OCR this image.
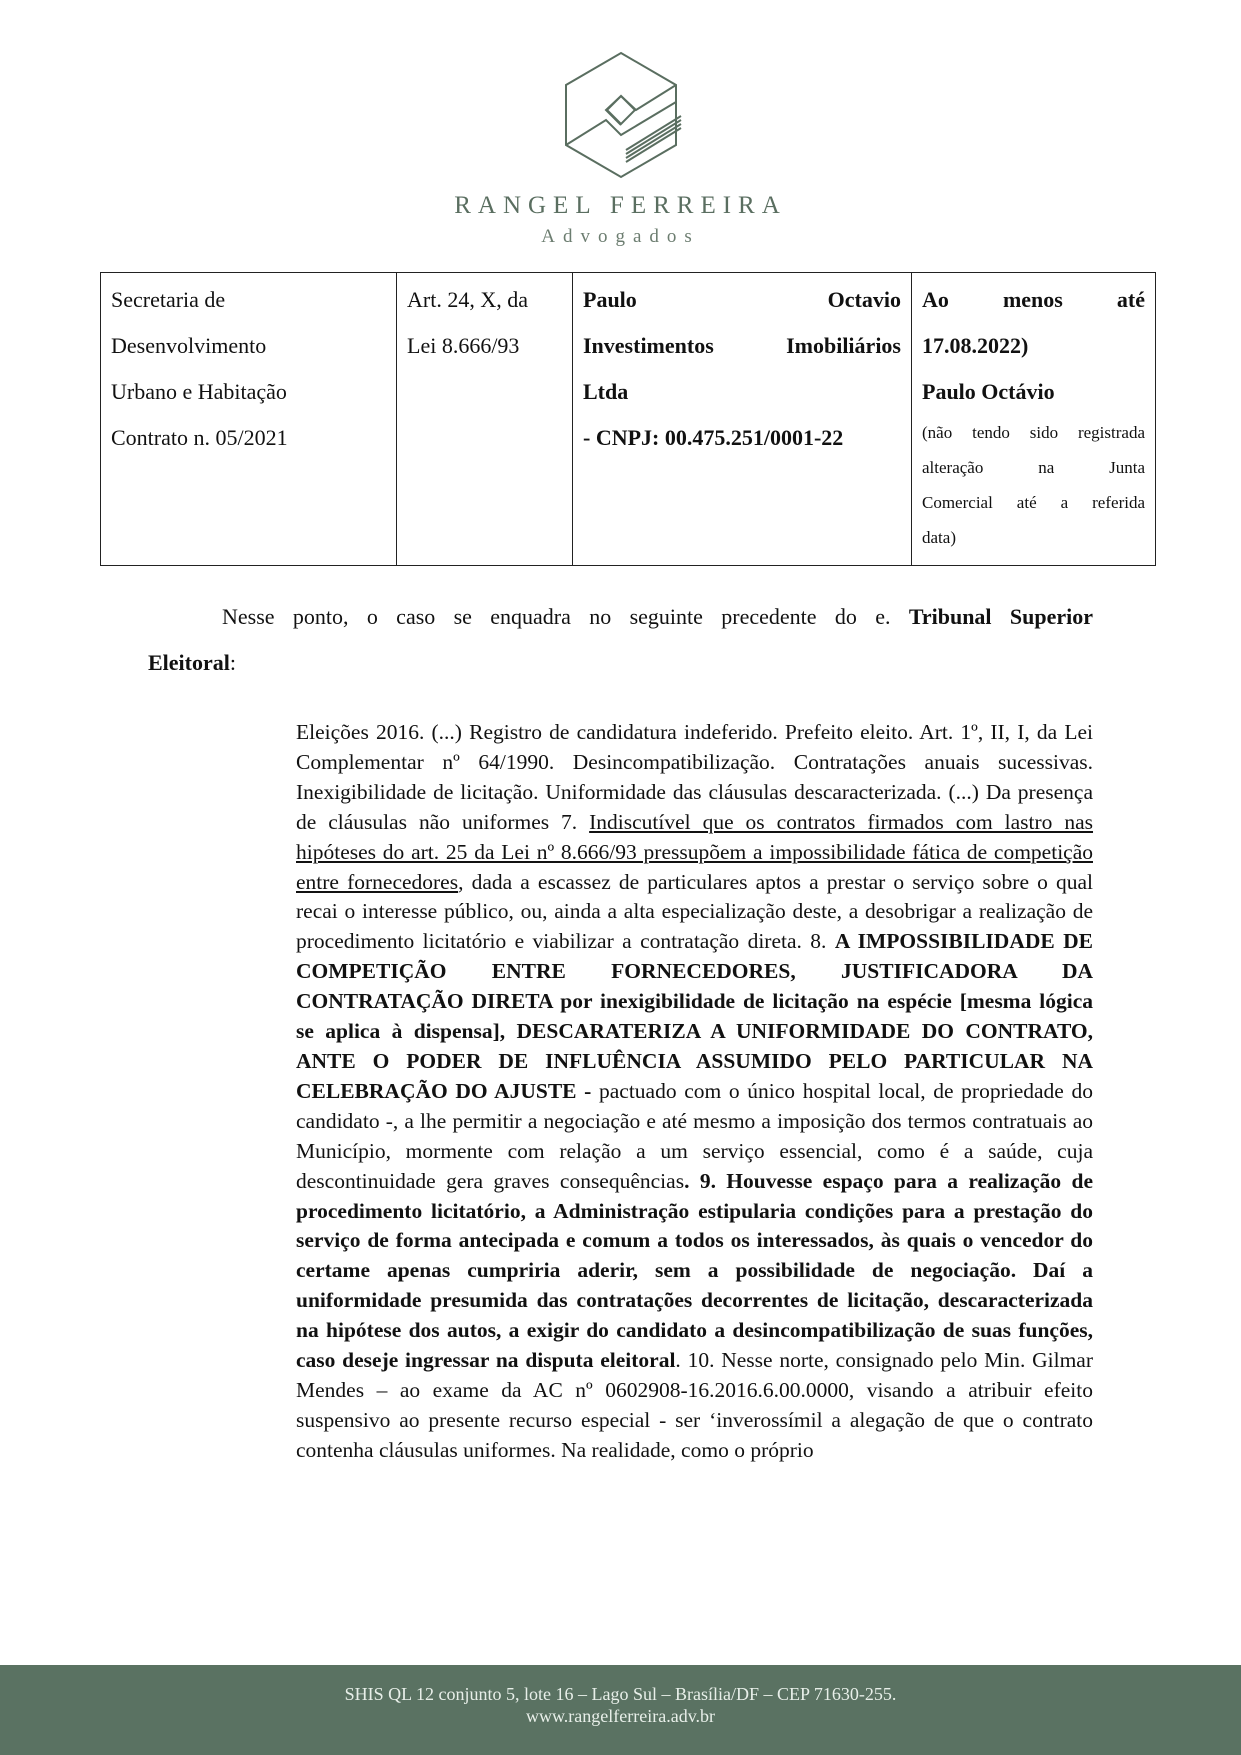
RANGEL FERREIRA
Advogados
Secretaria de
Desenvolvimento
Urbano e Habitação
Contrato n. 05/2021

Art. 24, X, da
Lei 8.666/93

Paulo Octavio
Investimentos Imobiliários
Ltda
- CNPJ: 00.475.251/0001-22

Ao menos até
17.08.2022)
Paulo Octávio
(não tendo sido registrada
alteração na Junta
Comercial até a referida
data)
Nesse ponto, o caso se enquadra no seguinte precedente do e. Tribunal Superior
Eleitoral:
Eleições 2016. (...) Registro de candidatura indeferido. Prefeito eleito. Art. 1º, II, I, da Lei Complementar nº 64/1990. Desincompatibilização. Contratações anuais sucessivas. Inexigibilidade de licitação. Uniformidade das cláusulas descaracterizada. (...) Da presença de cláusulas não uniformes 7. Indiscutível que os contratos firmados com lastro nas hipóteses do art. 25 da Lei nº 8.666/93 pressupõem a impossibilidade fática de competição entre fornecedores, dada a escassez de particulares aptos a prestar o serviço sobre o qual recai o interesse público, ou, ainda a alta especialização deste, a desobrigar a realização de procedimento licitatório e viabilizar a contratação direta. 8. A IMPOSSIBILIDADE DE COMPETIÇÃO ENTRE FORNECEDORES, JUSTIFICADORA DA CONTRATAÇÃO DIRETA por inexigibilidade de licitação na espécie [mesma lógica se aplica à dispensa], DESCARATERIZA A UNIFORMIDADE DO CONTRATO, ANTE O PODER DE INFLUÊNCIA ASSUMIDO PELO PARTICULAR NA CELEBRAÇÃO DO AJUSTE - pactuado com o único hospital local, de propriedade do candidato -, a lhe permitir a negociação e até mesmo a imposição dos termos contratuais ao Município, mormente com relação a um serviço essencial, como é a saúde, cuja descontinuidade gera graves consequências. 9. Houvesse espaço para a realização de procedimento licitatório, a Administração estipularia condições para a prestação do serviço de forma antecipada e comum a todos os interessados, às quais o vencedor do certame apenas cumpriria aderir, sem a possibilidade de negociação. Daí a uniformidade presumida das contratações decorrentes de licitação, descaracterizada na hipótese dos autos, a exigir do candidato a desincompatibilização de suas funções, caso deseje ingressar na disputa eleitoral. 10. Nesse norte, consignado pelo Min. Gilmar Mendes – ao exame da AC nº 0602908-16.2016.6.00.0000, visando a atribuir efeito suspensivo ao presente recurso especial - ser ‘inverossímil a alegação de que o contrato contenha cláusulas uniformes. Na realidade, como o próprio
SHIS QL 12 conjunto 5, lote 16 – Lago Sul – Brasília/DF – CEP 71630-255.
www.rangelferreira.adv.br
